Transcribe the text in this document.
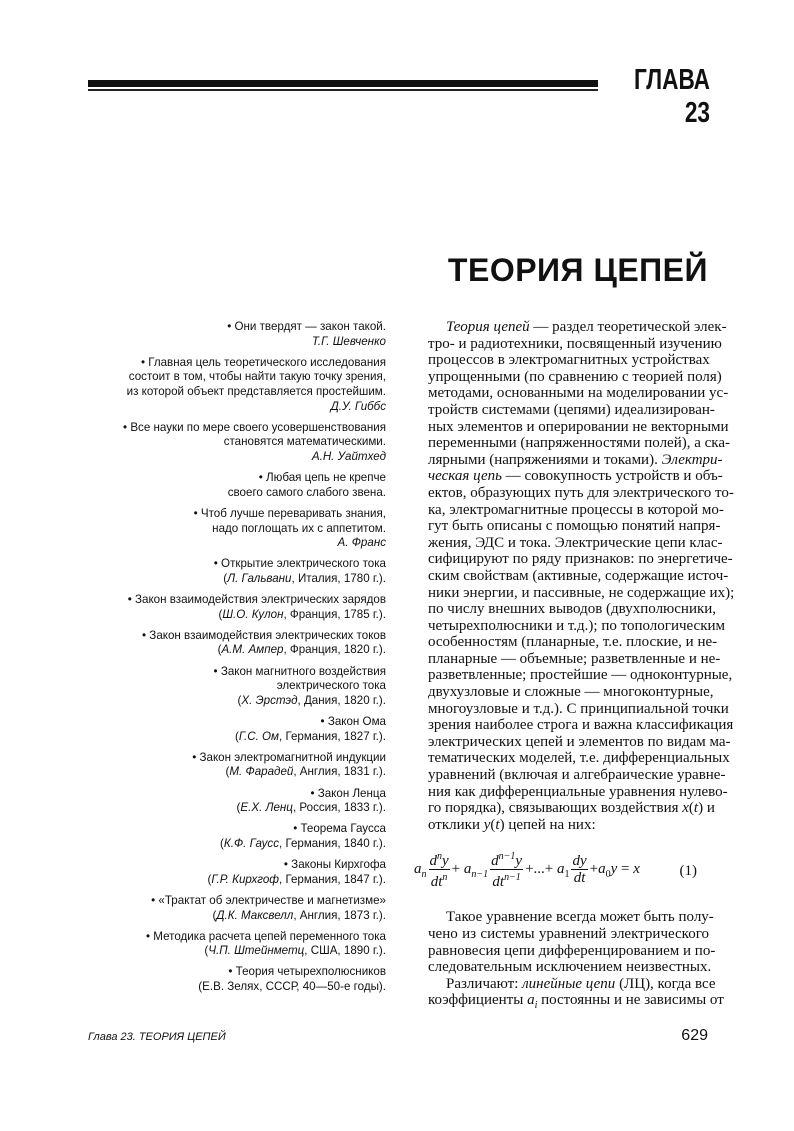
ГЛАВА 23
ТЕОРИЯ ЦЕПЕЙ
• Они твердят — закон такой.
Т.Г. Шевченко
• Главная цель теоретического исследования
состоит в том, чтобы найти такую точку зрения,
из которой объект представляется простейшим.
Д.У. Гиббс
• Все науки по мере своего усовершенствования
становятся математическими.
А.Н. Уайтхед
• Любая цепь не крепче
своего самого слабого звена.
• Чтоб лучше переваривать знания,
надо поглощать их с аппетитом.
А. Франс
• Открытие электрического тока
(Л. Гальвани, Италия, 1780 г.).
• Закон взаимодействия электрических зарядов
(Ш.О. Кулон, Франция, 1785 г.).
• Закон взаимодействия электрических токов
(А.М. Ампер, Франция, 1820 г.).
• Закон магнитного воздействия
электрического тока
(Х. Эрстэд, Дания, 1820 г.).
• Закон Ома
(Г.С. Ом, Германия, 1827 г.).
• Закон электромагнитной индукции
(М. Фарадей, Англия, 1831 г.).
• Закон Ленца
(Е.Х. Ленц, Россия, 1833 г.).
• Теорема Гаусса
(К.Ф. Гаусс, Германия, 1840 г.).
• Законы Кирхгофа
(Г.Р. Кирхгоф, Германия, 1847 г.).
• «Трактат об электричестве и магнетизме»
(Д.К. Максвелл, Англия, 1873 г.).
• Методика расчета цепей переменного тока
(Ч.П. Штейнметц, США, 1890 г.).
• Теория четырехполюсников
(Е.В. Зелях, СССР, 40—50-е годы).
Теория цепей — раздел теоретической элек-
тро- и радиотехники, посвященный изучению
процессов в электромагнитных устройствах
упрощенными (по сравнению с теорией поля)
методами, основанными на моделировании ус-
тройств системами (цепями) идеализирован-
ных элементов и оперировании не векторными
переменными (напряженностями полей), а ска-
лярными (напряжениями и токами). Электри-
ческая цепь — совокупность устройств и объ-
ектов, образующих путь для электрического то-
ка, электромагнитные процессы в которой мо-
гут быть описаны с помощью понятий напря-
жения, ЭДС и тока. Электрические цепи клас-
сифицируют по ряду признаков: по энергетиче-
ским свойствам (активные, содержащие источ-
ники энергии, и пассивные, не содержащие их);
по числу внешних выводов (двухполюсники,
четырехполюсники и т.д.); по топологическим
особенностям (планарные, т.е. плоские, и не-
планарные — объемные; разветвленные и не-
разветвленные; простейшие — одноконтурные,
двухузловые и сложные — многоконтурные,
многоузловые и т.д.). С принципиальной точки
зрения наиболее строга и важна классификация
электрических цепей и элементов по видам ма-
тематических моделей, т.е. дифференциальных
уравнений (включая и алгебраические уравне-
ния как дифференциальные уравнения нулево-
го порядка), связывающих воздействия x(t) и
отклики y(t) цепей на них:
$a_n \frac{d^ny}{dt^n} + a_{n-1} \frac{d^{n-1}y}{dt^{n-1}}$ +...+ $a_1 \frac{dy}{dt} +a_0y = x$	(1)
Такое уравнение всегда может быть полу-
чено из системы уравнений электрического
равновесия цепи дифференцированием и по-
следовательным исключением неизвестных.
Различают: линейные цепи (ЛЦ), когда все
коэффициенты $a_i$ постоянны и не зависимы от
Глава 23. ТЕОРИЯ ЦЕПЕЙ	629
